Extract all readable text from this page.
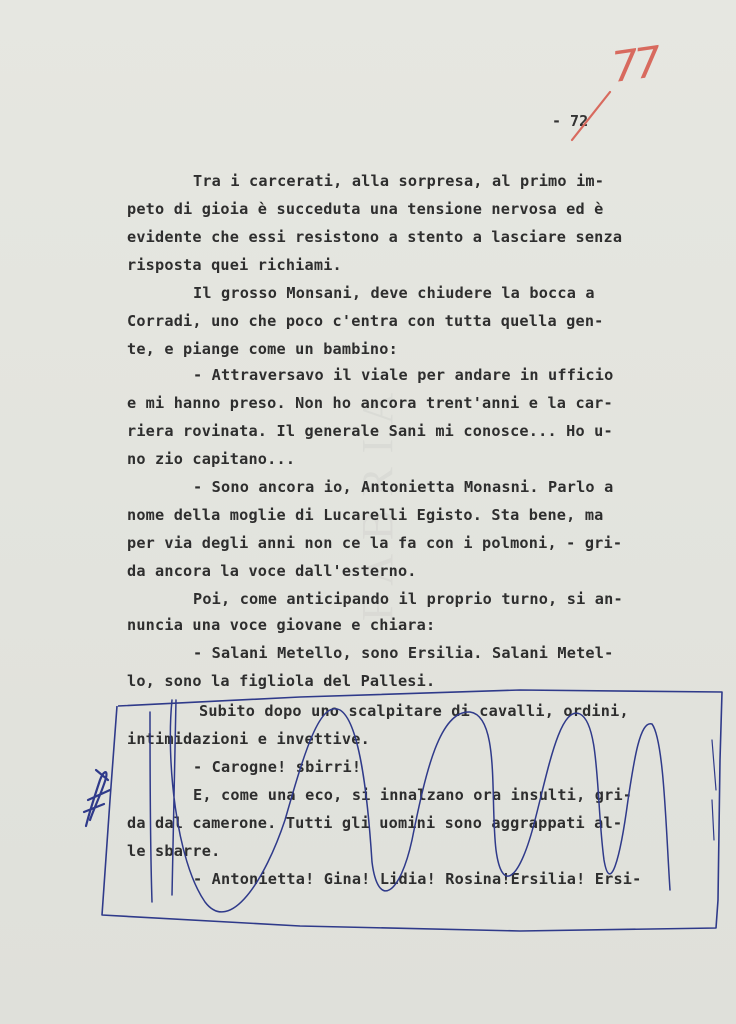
FABRIA
77
- 72
Tra i carcerati, alla sorpresa, al primo im-
peto di gioia è succeduta una tensione nervosa ed è
evidente che essi resistono a stento a lasciare senza
risposta quei richiami.
Il grosso Monsani, deve chiudere la bocca a
Corradi, uno che poco c'entra con tutta quella gen-
te, e piange come un bambino:
- Attraversavo il viale per andare in ufficio
e mi hanno preso. Non ho ancora trent'anni e la car-
riera rovinata. Il generale Sani mi conosce... Ho u-
no zio capitano...
- Sono ancora io, Antonietta Monasni. Parlo a
nome della moglie di Lucarelli Egisto. Sta bene, ma
per via degli anni non ce la fa con i polmoni, - gri-
da ancora la voce dall'esterno.
Poi, come anticipando il proprio turno, si an-
nuncia una voce giovane e chiara:
- Salani Metello, sono Ersilia. Salani Metel-
lo, sono la figliola del Pallesi.
Subito dopo uno scalpitare di cavalli, ordini,
intimidazioni e invettive.
- Carogne! sbirri!
E, come una eco, si innalzano ora insulti, gri-
da dal camerone. Tutti gli uomini sono aggrappati al-
le sbarre.
- Antonietta! Gina! Lidia! Rosina!Ersilia! Ersi-
